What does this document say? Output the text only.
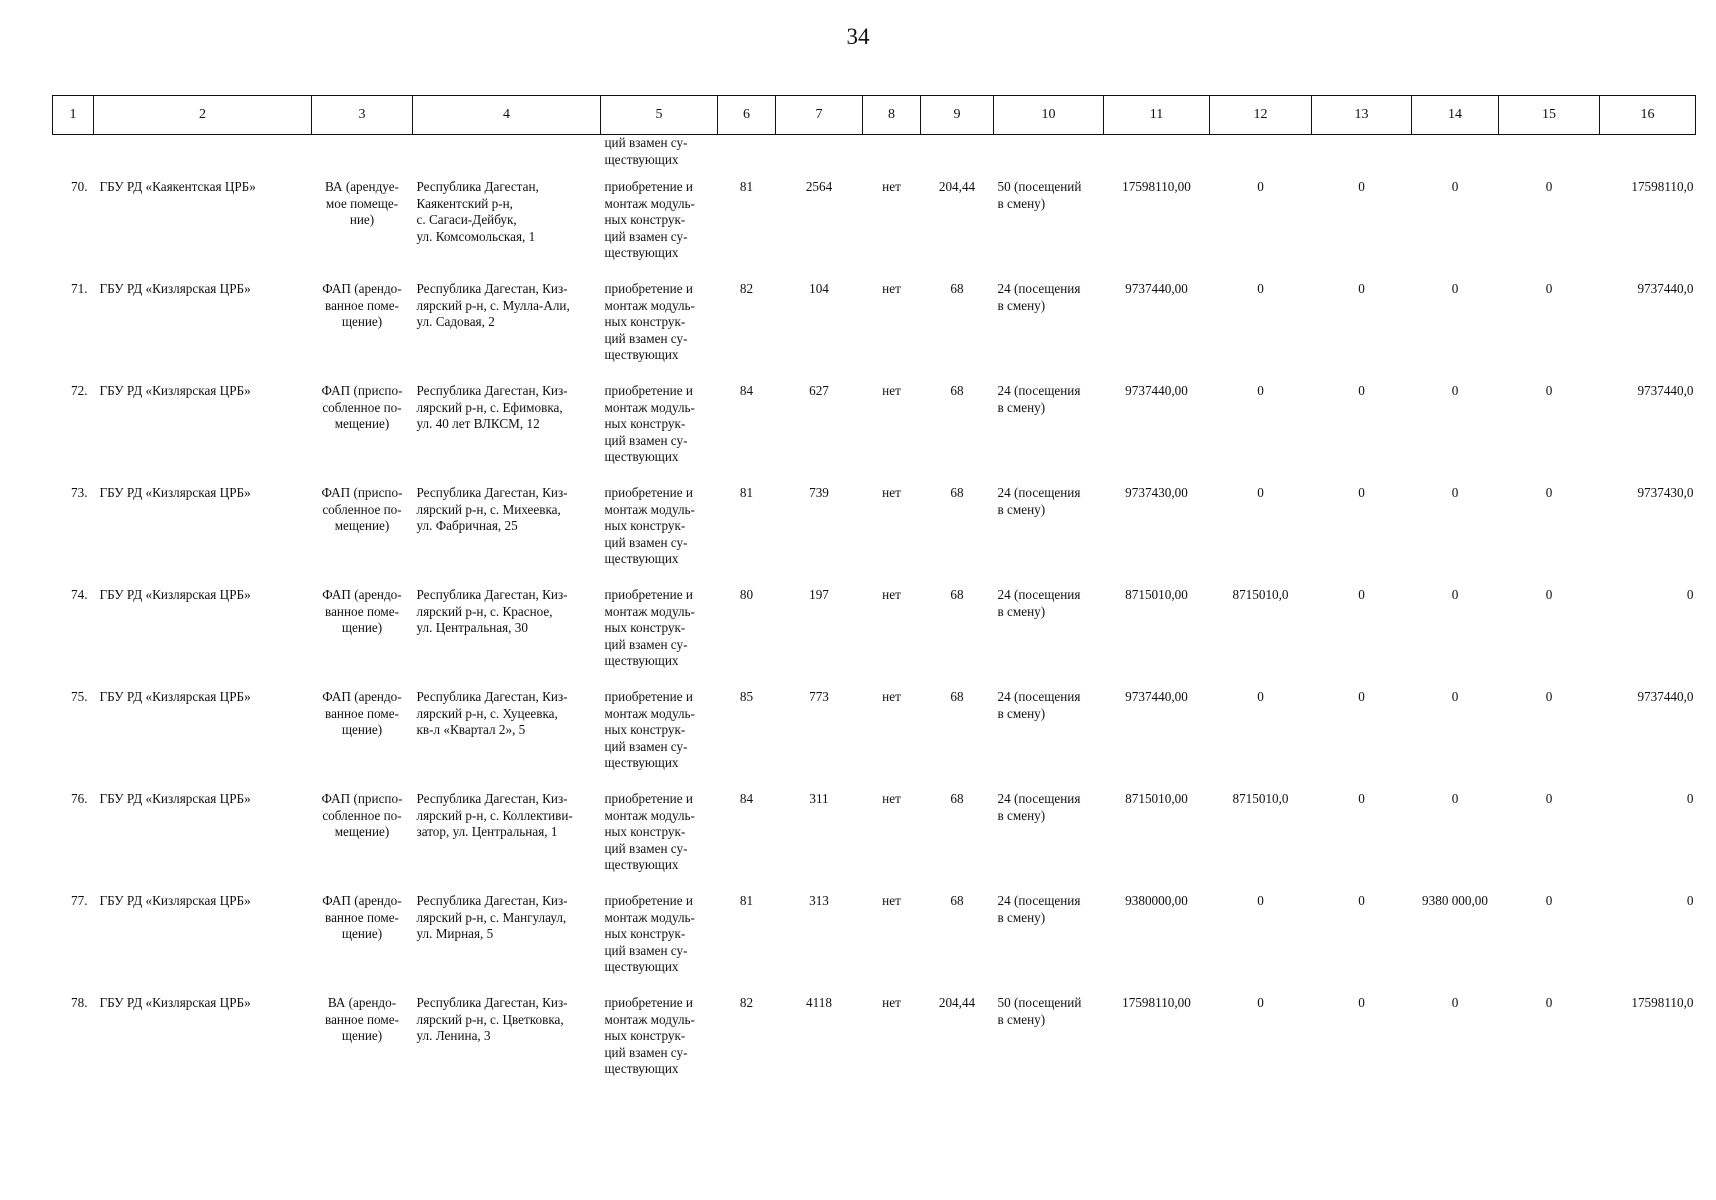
34
1	2	3	4	5	6	7	8	9	10	11	12	13	14	15	16

				ций взамен су-
ществующих											

70.	ГБУ РД «Каякентская ЦРБ»	ВА (арендуе-
мое помеще-
ние)	Республика Дагестан,
Каякентский р-н,
с. Сагаси-Дейбук,
ул. Комсомольская, 1	приобретение и
монтаж модуль-
ных конструк-
ций взамен су-
ществующих	81	2564	нет	204,44	50 (посещений
в смену)	17598110,00	0	0	0	0	17598110,0
71.	ГБУ РД «Кизлярская ЦРБ»	ФАП (арендо-
ванное поме-
щение)	Республика Дагестан, Киз-
лярский р-н, с. Мулла-Али,
ул. Садовая, 2	приобретение и
монтаж модуль-
ных конструк-
ций взамен су-
ществующих	82	104	нет	68	24 (посещения
в смену)	9737440,00	0	0	0	0	9737440,0
72.	ГБУ РД «Кизлярская ЦРБ»	ФАП (приспо-
собленное по-
мещение)	Республика Дагестан, Киз-
лярский р-н, с. Ефимовка,
ул. 40 лет ВЛКСМ, 12	приобретение и
монтаж модуль-
ных конструк-
ций взамен су-
ществующих	84	627	нет	68	24 (посещения
в смену)	9737440,00	0	0	0	0	9737440,0
73.	ГБУ РД «Кизлярская ЦРБ»	ФАП (приспо-
собленное по-
мещение)	Республика Дагестан, Киз-
лярский р-н, с. Михеевка,
ул. Фабричная, 25	приобретение и
монтаж модуль-
ных конструк-
ций взамен су-
ществующих	81	739	нет	68	24 (посещения
в смену)	9737430,00	0	0	0	0	9737430,0
74.	ГБУ РД «Кизлярская ЦРБ»	ФАП (арендо-
ванное поме-
щение)	Республика Дагестан, Киз-
лярский р-н, с. Красное,
ул. Центральная, 30	приобретение и
монтаж модуль-
ных конструк-
ций взамен су-
ществующих	80	197	нет	68	24 (посещения
в смену)	8715010,00	8715010,0	0	0	0	0
75.	ГБУ РД «Кизлярская ЦРБ»	ФАП (арендо-
ванное поме-
щение)	Республика Дагестан, Киз-
лярский р-н, с. Хуцеевка,
кв-л «Квартал 2», 5	приобретение и
монтаж модуль-
ных конструк-
ций взамен су-
ществующих	85	773	нет	68	24 (посещения
в смену)	9737440,00	0	0	0	0	9737440,0
76.	ГБУ РД «Кизлярская ЦРБ»	ФАП (приспо-
собленное по-
мещение)	Республика Дагестан, Киз-
лярский р-н, с. Коллективи-
затор, ул. Центральная, 1	приобретение и
монтаж модуль-
ных конструк-
ций взамен су-
ществующих	84	311	нет	68	24 (посещения
в смену)	8715010,00	8715010,0	0	0	0	0
77.	ГБУ РД «Кизлярская ЦРБ»	ФАП (арендо-
ванное поме-
щение)	Республика Дагестан, Киз-
лярский р-н, с. Мангулаул,
ул. Мирная, 5	приобретение и
монтаж модуль-
ных конструк-
ций взамен су-
ществующих	81	313	нет	68	24 (посещения
в смену)	9380000,00	0	0	9380 000,00	0	0
78.	ГБУ РД «Кизлярская ЦРБ»	ВА (арендо-
ванное поме-
щение)	Республика Дагестан, Киз-
лярский р-н, с. Цветковка,
ул. Ленина, 3	приобретение и
монтаж модуль-
ных конструк-
ций взамен су-
ществующих	82	4118	нет	204,44	50 (посещений
в смену)	17598110,00	0	0	0	0	17598110,0
